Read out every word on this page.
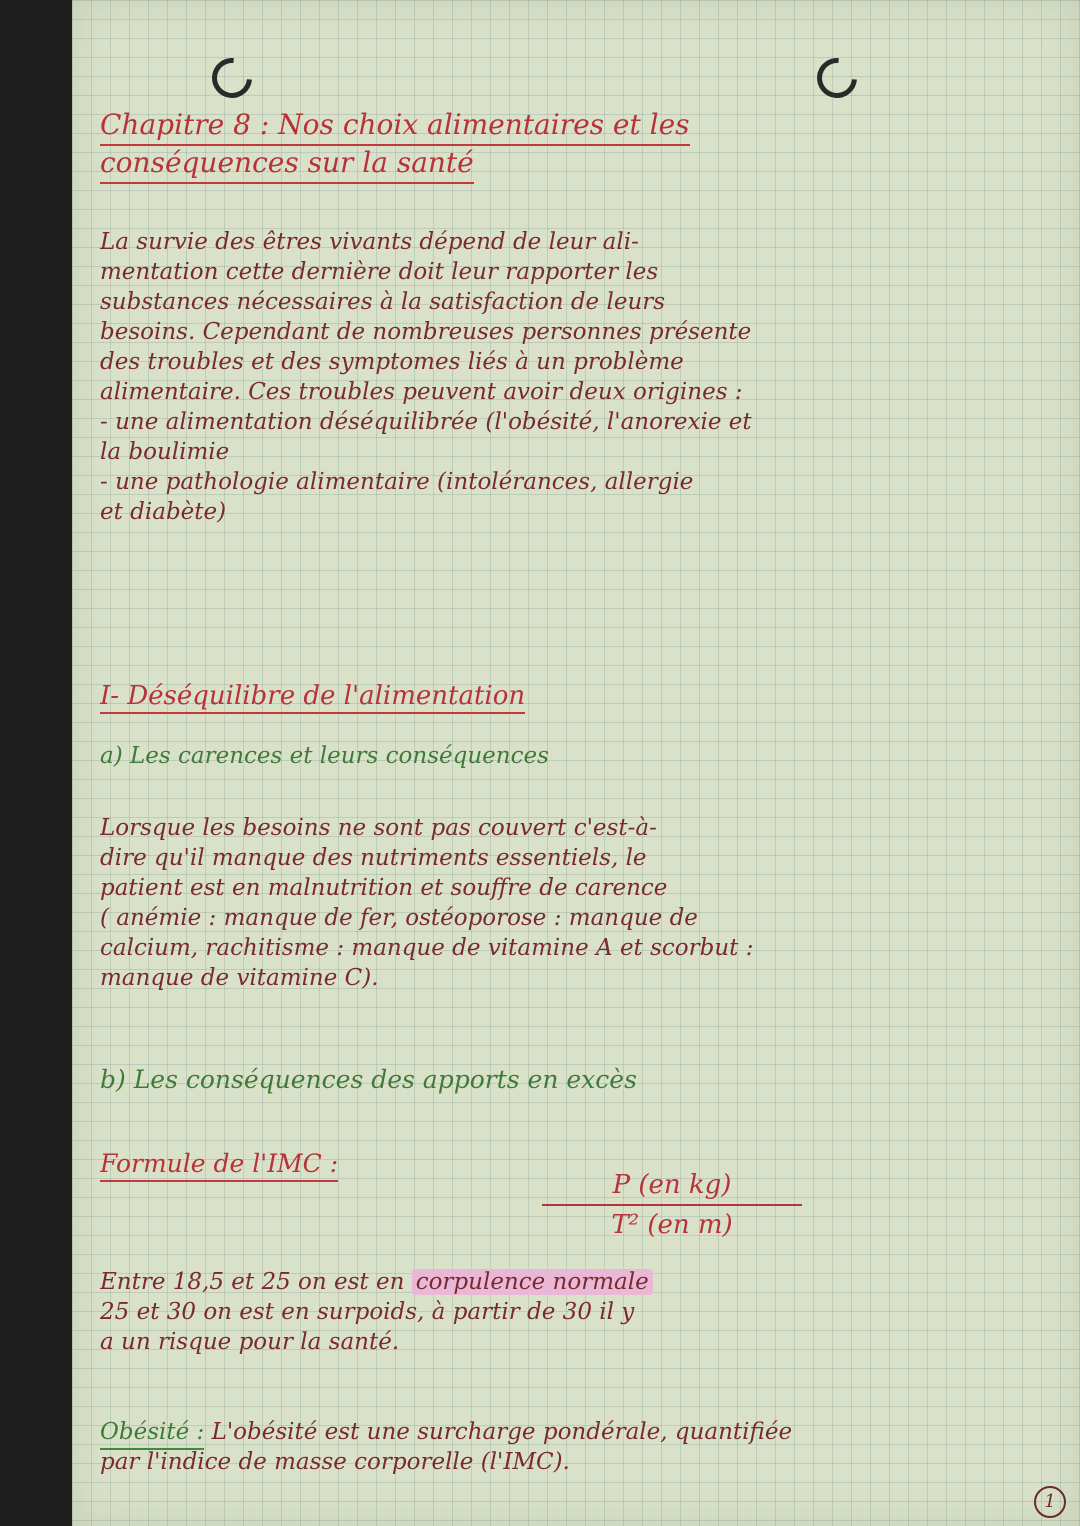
Chapitre 8 : Nos choix alimentaires et les

conséquences sur la santé

La survie des êtres vivants dépend de leur ali-

mentation cette dernière doit leur rapporter les

substances nécessaires à la satisfaction de leurs

besoins. Cependant de nombreuses personnes présente

des troubles et des symptomes liés à un problème

alimentaire. Ces troubles peuvent avoir deux origines :

- une alimentation déséquilibrée (l'obésité, l'anorexie et

la boulimie

- une pathologie alimentaire (intolérances, allergie

et diabète)

I- Déséquilibre de l'alimentation

a) Les carences et leurs conséquences

Lorsque les besoins ne sont pas couvert c'est-à-

dire qu'il manque des nutriments essentiels, le

patient est en malnutrition et souffre de carence

( anémie : manque de fer, ostéoporose : manque de

calcium, rachitisme : manque de vitamine A et scorbut :

manque de vitamine C).

b) Les conséquences des apports en excès

Formule de l'IMC :

$\frac{\text{P (en kg)}}{\text{T² (en m)}}$

Entre 18,5 et 25 on est en corpulence normale

25 et 30 on est en surpoids, à partir de 30 il y

a un risque pour la santé.

Obésité : L'obésité est une surcharge pondérale, quantifiée

par l'indice de masse corporelle (l'IMC).

1
